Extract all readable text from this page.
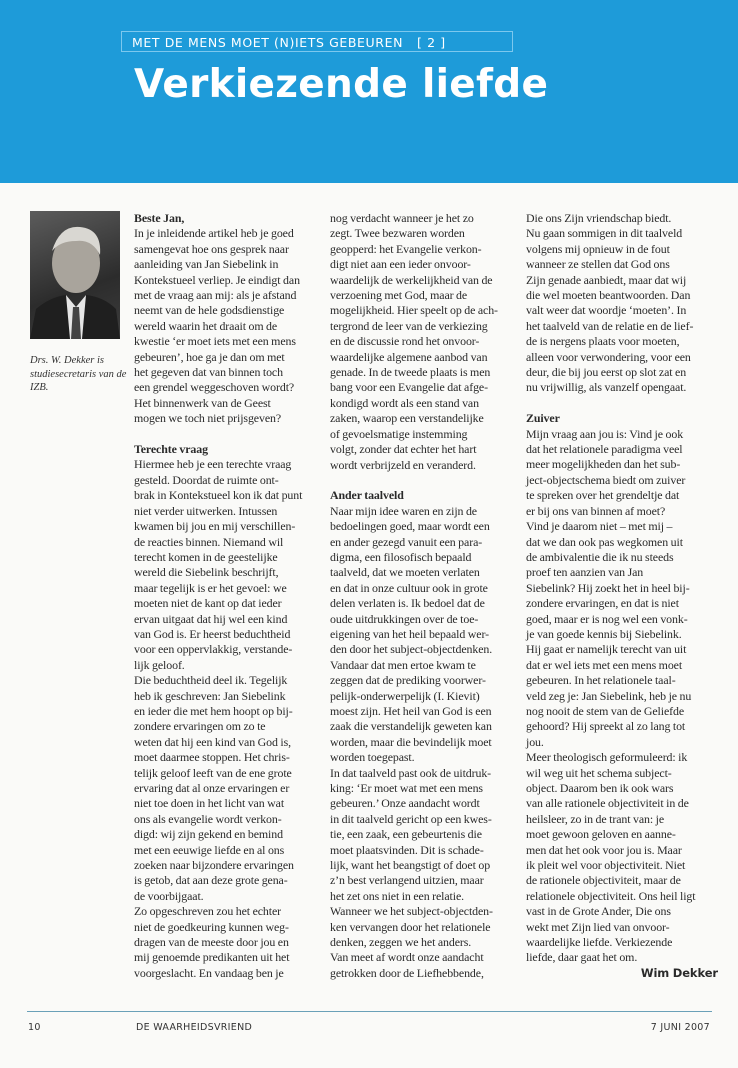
MET DE MENS MOET (N)IETS GEBEUREN [ 2 ]
Verkiezende liefde
Drs. W. Dekker is studiesecretaris van de IZB.
Beste Jan,
In je inleidende artikel heb je goed
samengevat hoe ons gesprek naar
aanleiding van Jan Siebelink in
Kontekstueel verliep. Je eindigt dan
met de vraag aan mij: als je afstand
neemt van de hele godsdienstige
wereld waarin het draait om de
kwestie ‘er moet iets met een mens
gebeuren’, hoe ga je dan om met
het gegeven dat van binnen toch
een grendel weggeschoven wordt?
Het binnenwerk van de Geest
mogen we toch niet prijsgeven?
Terechte vraag
Hiermee heb je een terechte vraag
gesteld. Doordat de ruimte ont-
brak in Kontekstueel kon ik dat punt
niet verder uitwerken. Intussen
kwamen bij jou en mij verschillen-
de reacties binnen. Niemand wil
terecht komen in de geestelijke
wereld die Siebelink beschrijft,
maar tegelijk is er het gevoel: we
moeten niet de kant op dat ieder
ervan uitgaat dat hij wel een kind
van God is. Er heerst beduchtheid
voor een oppervlakkig, verstande-
lijk geloof.
Die beduchtheid deel ik. Tegelijk
heb ik geschreven: Jan Siebelink
en ieder die met hem hoopt op bij-
zondere ervaringen om zo te
weten dat hij een kind van God is,
moet daarmee stoppen. Het chris-
telijk geloof leeft van de ene grote
ervaring dat al onze ervaringen er
niet toe doen in het licht van wat
ons als evangelie wordt verkon-
digd: wij zijn gekend en bemind
met een eeuwige liefde en al ons
zoeken naar bijzondere ervaringen
is getob, dat aan deze grote gena-
de voorbijgaat.
Zo opgeschreven zou het echter
niet de goedkeuring kunnen weg-
dragen van de meeste door jou en
mij genoemde predikanten uit het
voorgeslacht. En vandaag ben je
nog verdacht wanneer je het zo
zegt. Twee bezwaren worden
geopperd: het Evangelie verkon-
digt niet aan een ieder onvoor-
waardelijk de werkelijkheid van de
verzoening met God, maar de
mogelijkheid. Hier speelt op de ach-
tergrond de leer van de verkiezing
en de discussie rond het onvoor-
waardelijke algemene aanbod van
genade. In de tweede plaats is men
bang voor een Evangelie dat afge-
kondigd wordt als een stand van
zaken, waarop een verstandelijke
of gevoelsmatige instemming
volgt, zonder dat echter het hart
wordt verbrijzeld en veranderd.
Ander taalveld
Naar mijn idee waren en zijn de
bedoelingen goed, maar wordt een
en ander gezegd vanuit een para-
digma, een filosofisch bepaald
taalveld, dat we moeten verlaten
en dat in onze cultuur ook in grote
delen verlaten is. Ik bedoel dat de
oude uitdrukkingen over de toe-
eigening van het heil bepaald wer-
den door het subject-objectdenken.
Vandaar dat men ertoe kwam te
zeggen dat de prediking voorwer-
pelijk-onderwerpelijk (I. Kievit)
moest zijn. Het heil van God is een
zaak die verstandelijk geweten kan
worden, maar die bevindelijk moet
worden toegepast.
In dat taalveld past ook de uitdruk-
king: ‘Er moet wat met een mens
gebeuren.’ Onze aandacht wordt
in dit taalveld gericht op een kwes-
tie, een zaak, een gebeurtenis die
moet plaatsvinden. Dit is schade-
lijk, want het beangstigt of doet op
z’n best verlangend uitzien, maar
het zet ons niet in een relatie.
Wanneer we het subject-objectden-
ken vervangen door het relationele
denken, zeggen we het anders.
Van meet af wordt onze aandacht
getrokken door de Liefhebbende,
Die ons Zijn vriendschap biedt.
Nu gaan sommigen in dit taalveld
volgens mij opnieuw in de fout
wanneer ze stellen dat God ons
Zijn genade aanbiedt, maar dat wij
die wel moeten beantwoorden. Dan
valt weer dat woordje ‘moeten’. In
het taalveld van de relatie en de lief-
de is nergens plaats voor moeten,
alleen voor verwondering, voor een
deur, die bij jou eerst op slot zat en
nu vrijwillig, als vanzelf opengaat.
Zuiver
Mijn vraag aan jou is: Vind je ook
dat het relationele paradigma veel
meer mogelijkheden dan het sub-
ject-objectschema biedt om zuiver
te spreken over het grendeltje dat
er bij ons van binnen af moet?
Vind je daarom niet – met mij –
dat we dan ook pas wegkomen uit
de ambivalentie die ik nu steeds
proef ten aanzien van Jan
Siebelink? Hij zoekt het in heel bij-
zondere ervaringen, en dat is niet
goed, maar er is nog wel een vonk-
je van goede kennis bij Siebelink.
Hij gaat er namelijk terecht van uit
dat er wel iets met een mens moet
gebeuren. In het relationele taal-
veld zeg je: Jan Siebelink, heb je nu
nog nooit de stem van de Geliefde
gehoord? Hij spreekt al zo lang tot
jou.
Meer theologisch geformuleerd: ik
wil weg uit het schema subject-
object. Daarom ben ik ook wars
van alle rationele objectiviteit in de
heilsleer, zo in de trant van: je
moet gewoon geloven en aanne-
men dat het ook voor jou is. Maar
ik pleit wel voor objectiviteit. Niet
de rationele objectiviteit, maar de
relationele objectiviteit. Ons heil ligt
vast in de Grote Ander, Die ons
wekt met Zijn lied van onvoor-
waardelijke liefde. Verkiezende
liefde, daar gaat het om.
Wim Dekker
10	DE WAARHEIDSVRIEND	7 JUNI 2007
